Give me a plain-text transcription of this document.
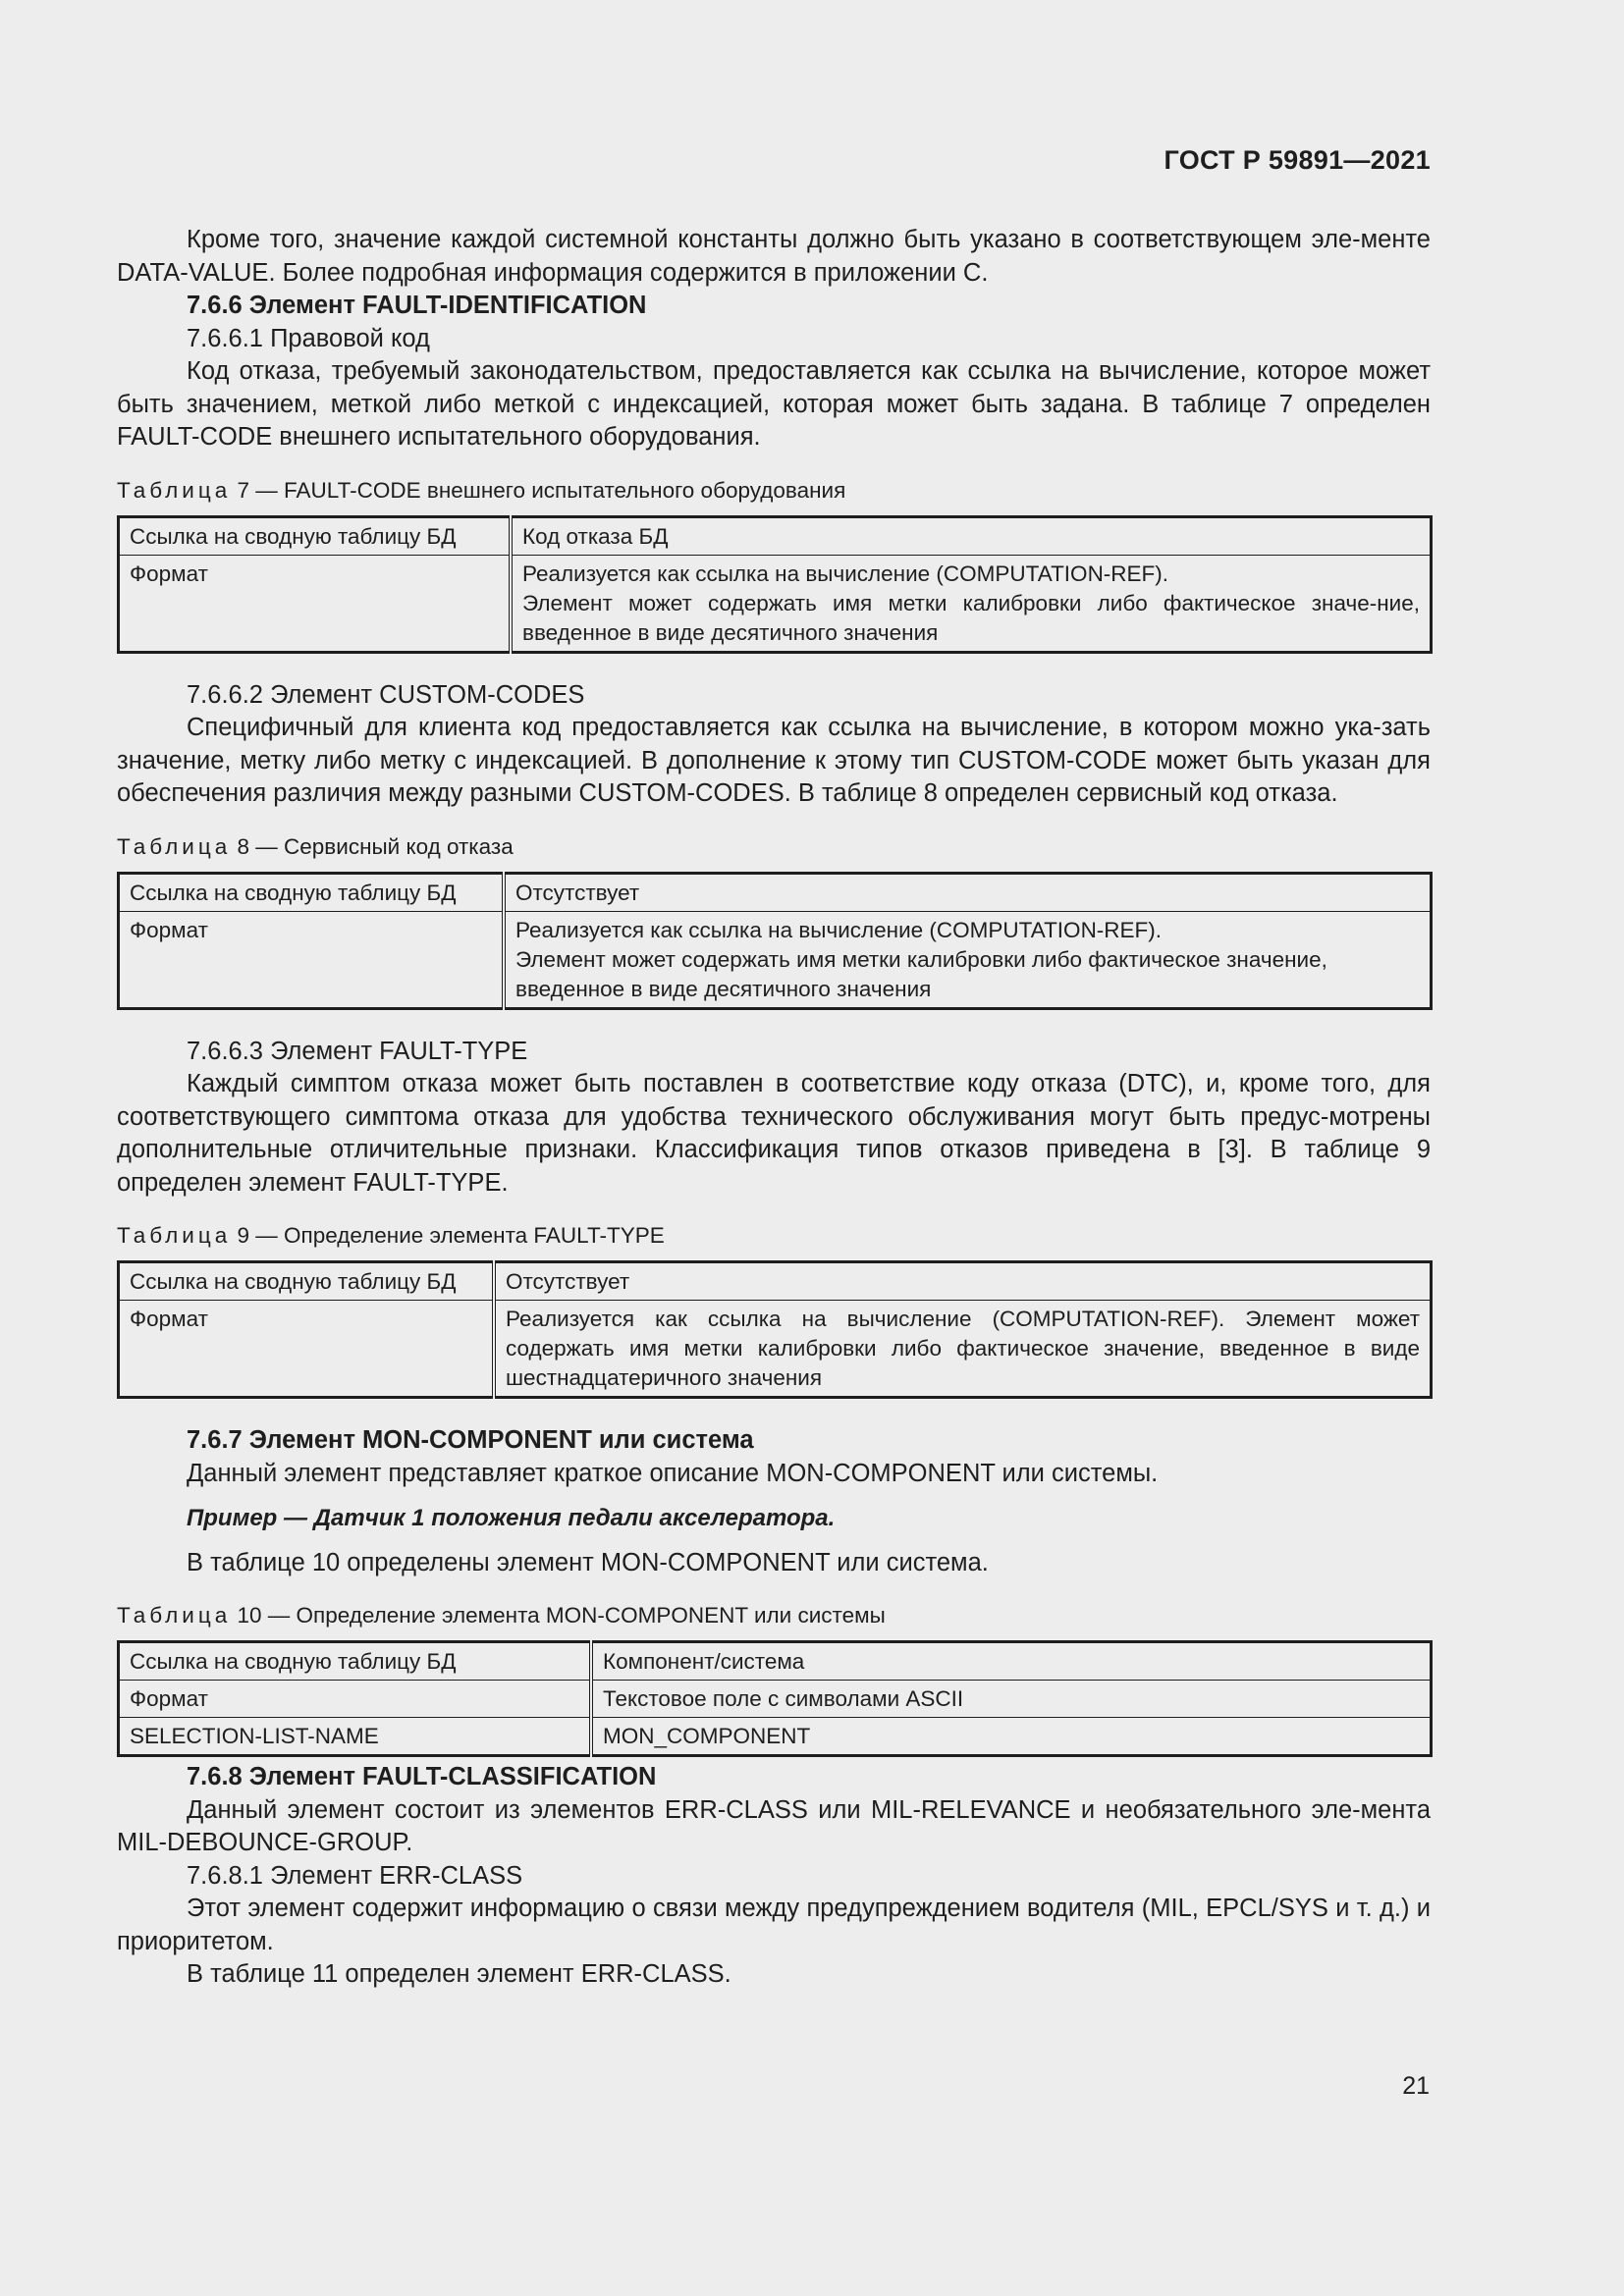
ГОСТ Р 59891—2021

Кроме того, значение каждой системной константы должно быть указано в соответствующем эле-менте DATA-VALUE. Более подробная информация содержится в приложении С.

7.6.6 Элемент FAULT-IDENTIFICATION

7.6.6.1 Правовой код

Код отказа, требуемый законодательством, предоставляется как ссылка на вычисление, которое может быть значением, меткой либо меткой с индексацией, которая может быть задана. В таблице 7 определен FAULT-CODE внешнего испытательного оборудования.

Таблица 7 — FAULT-CODE внешнего испытательного оборудования

Ссылка на сводную таблицу БД	Код отказа БД
Формат	Реализуется как ссылка на вычисление (COMPUTATION-REF).
Элемент может содержать имя метки калибровки либо фактическое значе-ние, введенное в виде десятичного значения

7.6.6.2 Элемент CUSTOM-CODES

Специфичный для клиента код предоставляется как ссылка на вычисление, в котором можно ука-зать значение, метку либо метку с индексацией. В дополнение к этому тип CUSTOM-CODE может быть указан для обеспечения различия между разными CUSTOM-CODES. В таблице 8 определен сервисный код отказа.

Таблица 8 — Сервисный код отказа

Ссылка на сводную таблицу БД	Отсутствует
Формат	Реализуется как ссылка на вычисление (COMPUTATION-REF).
Элемент может содержать имя метки калибровки либо фактическое значение, введенное в виде десятичного значения

7.6.6.3 Элемент FAULT-TYPE

Каждый симптом отказа может быть поставлен в соответствие коду отказа (DTC), и, кроме того, для соответствующего симптома отказа для удобства технического обслуживания могут быть предус-мотрены дополнительные отличительные признаки. Классификация типов отказов приведена в [3]. В таблице 9 определен элемент FAULT-TYPE.

Таблица 9 — Определение элемента FAULT-TYPE

Ссылка на сводную таблицу БД	Отсутствует
Формат	Реализуется как ссылка на вычисление (COMPUTATION-REF). Элемент может содержать имя метки калибровки либо фактическое значение, введенное в виде шестнадцатеричного значения

7.6.7 Элемент MON-COMPONENT или система

Данный элемент представляет краткое описание MON-COMPONENT или системы.

Пример — Датчик 1 положения педали акселератора.

В таблице 10 определены элемент MON-COMPONENT или система.

Таблица 10 — Определение элемента MON-COMPONENT или системы

Ссылка на сводную таблицу БД	Компонент/система
Формат	Текстовое поле с символами ASCII
SELECTION-LIST-NAME	MON_COMPONENT

7.6.8 Элемент FAULT-CLASSIFICATION

Данный элемент состоит из элементов ERR-CLASS или MIL-RELEVANCE и необязательного эле-мента MIL-DEBOUNCE-GROUP.

7.6.8.1 Элемент ERR-CLASS

Этот элемент содержит информацию о связи между предупреждением водителя (MIL, EPCL/SYS и т. д.) и приоритетом.

В таблице 11 определен элемент ERR-CLASS.

21
